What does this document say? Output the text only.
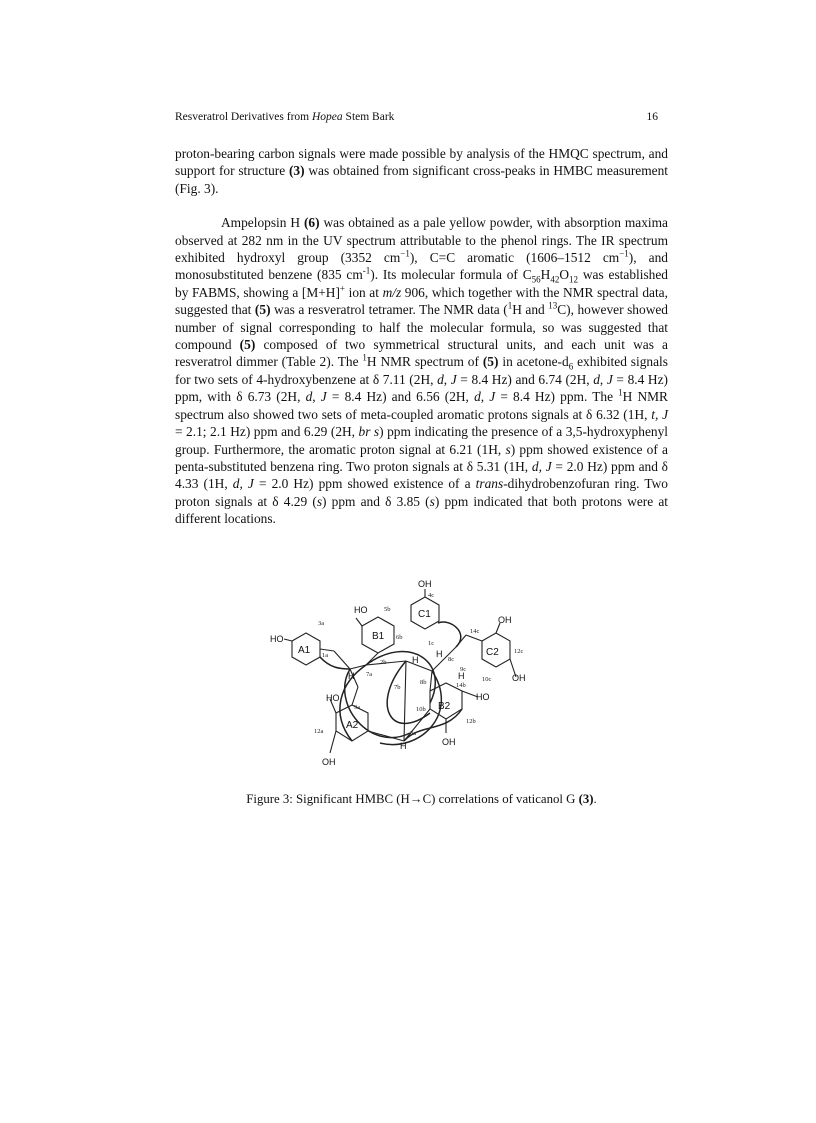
Resveratrol Derivatives from Hopea Stem Bark	16

proton-bearing carbon signals were made possible by analysis of the HMQC spectrum, and support for structure (3) was obtained from significant cross-peaks in HMBC measurement (Fig. 3).

Ampelopsin H (6) was obtained as a pale yellow powder, with absorption maxima observed at 282 nm in the UV spectrum attributable to the phenol rings. The IR spectrum exhibited hydroxyl group (3352 $cm^{-1}$), C=C aromatic (1606–1512 $cm^{-1}$), and monosubstituted benzene (835 $cm^{-1}$). Its molecular formula of $C_{56}H_{42}O_{12}$ was established by FABMS, showing a [M+H]+ ion at m/z 906, which together with the NMR spectral data, suggested that (5) was a resveratrol tetramer. The NMR data ($^1$H and $^{13}$C), however showed number of signal corresponding to half the molecular formula, so was suggested that compound (5) composed of two symmetrical structural units, and each unit was a resveratrol dimmer (Table 2). The $^1$H NMR spectrum of (5) in acetone-$d_6$ exhibited signals for two sets of 4-hydroxybenzene at δ 7.11 (2H, d, J = 8.4 Hz) and 6.74 (2H, d, J = 8.4 Hz) ppm, with δ 6.73 (2H, d, J = 8.4 Hz) and 6.56 (2H, d, J = 8.4 Hz) ppm. The $^1$H NMR spectrum also showed two sets of meta-coupled aromatic protons signals at δ 6.32 (1H, t, J = 2.1; 2.1 Hz) ppm and 6.29 (2H, br s) ppm indicating the presence of a 3,5-hydroxyphenyl group. Furthermore, the aromatic proton signal at 6.21 (1H, s) ppm showed existence of a penta-substituted benzena ring. Two proton signals at δ 5.31 (1H, d, J = 2.0 Hz) ppm and δ 4.33 (1H, d, J = 2.0 Hz) ppm showed existence of a trans-dihydrobenzofuran ring. Two proton signals at δ 4.29 (s) ppm and δ 3.85 (s) ppm indicated that both protons were at different locations.

OH
4c
C1
HO	5b
B1
3a
HO
A1
6b
1c
14c
OH
C2 12c
OH
1a
2b
7b
8b
9c
10c
14b
H
H
H
H
H
8c
7a
9a
HO
10b B2
12b
OH
HO
12a
A2
8a
OH
Figure 3: Significant HMBC (H→C) correlations of vaticanol G (3).
